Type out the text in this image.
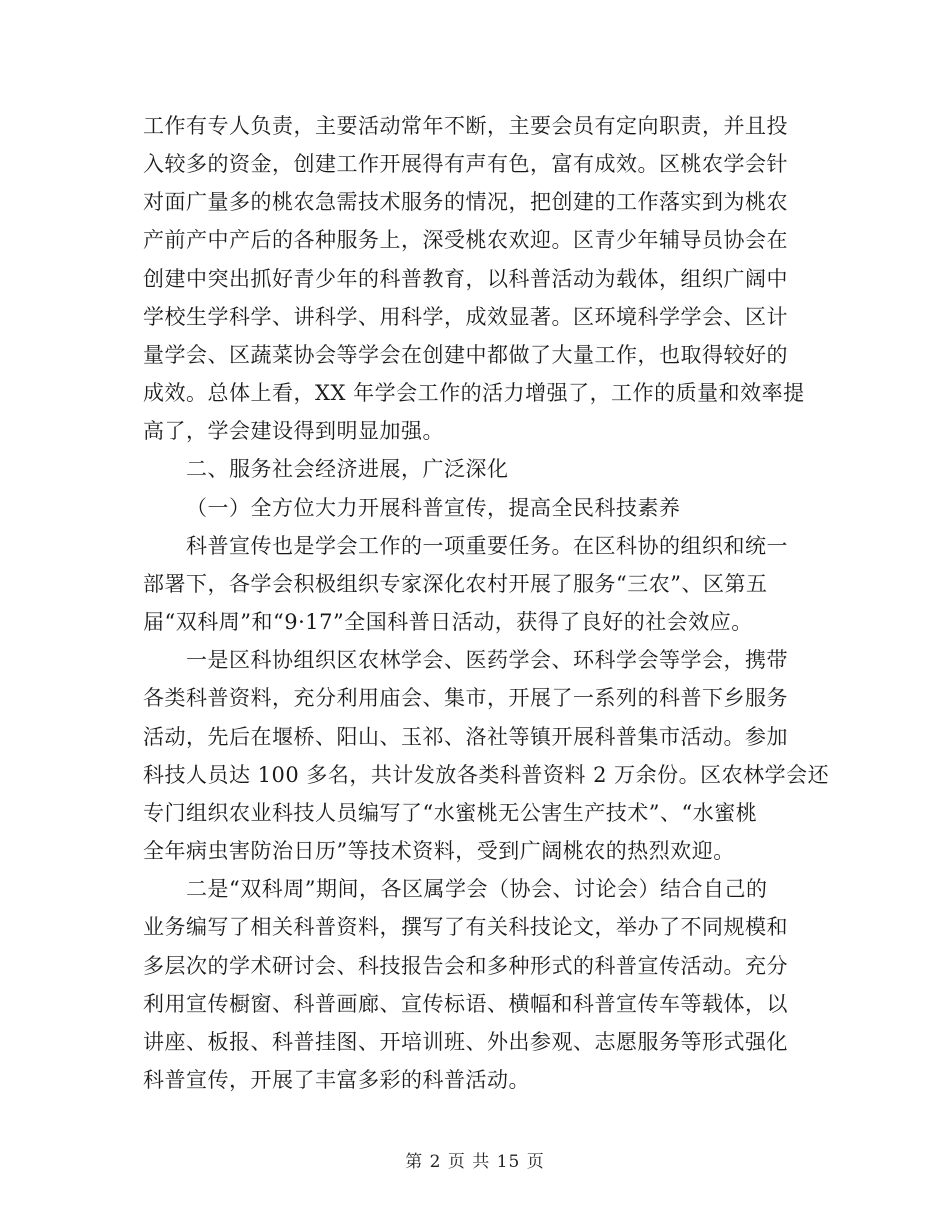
工作有专人负责，主要活动常年不断，主要会员有定向职责，并且投
入较多的资金，创建工作开展得有声有色，富有成效。区桃农学会针
对面广量多的桃农急需技术服务的情况，把创建的工作落实到为桃农
产前产中产后的各种服务上，深受桃农欢迎。区青少年辅导员协会在
创建中突出抓好青少年的科普教育，以科普活动为载体，组织广阔中
学校生学科学、讲科学、用科学，成效显著。区环境科学学会、区计
量学会、区蔬菜协会等学会在创建中都做了大量工作，也取得较好的
成效。总体上看，XX 年学会工作的活力增强了，工作的质量和效率提
高了，学会建设得到明显加强。
二、服务社会经济进展，广泛深化
（一）全方位大力开展科普宣传，提高全民科技素养
科普宣传也是学会工作的一项重要任务。在区科协的组织和统一
部署下，各学会积极组织专家深化农村开展了服务“三农”、区第五
届“双科周”和“9·17”全国科普日活动，获得了良好的社会效应。
一是区科协组织区农林学会、医药学会、环科学会等学会，携带
各类科普资料，充分利用庙会、集市，开展了一系列的科普下乡服务
活动，先后在堰桥、阳山、玉祁、洛社等镇开展科普集市活动。参加
科技人员达 100 多名，共计发放各类科普资料 2 万余份。区农林学会还
专门组织农业科技人员编写了“水蜜桃无公害生产技术”、“水蜜桃
全年病虫害防治日历”等技术资料，受到广阔桃农的热烈欢迎。
二是“双科周”期间，各区属学会（协会、讨论会）结合自己的
业务编写了相关科普资料，撰写了有关科技论文，举办了不同规模和
多层次的学术研讨会、科技报告会和多种形式的科普宣传活动。充分
利用宣传橱窗、科普画廊、宣传标语、横幅和科普宣传车等载体，以
讲座、板报、科普挂图、开培训班、外出参观、志愿服务等形式强化
科普宣传，开展了丰富多彩的科普活动。
第 2 页 共 15 页
